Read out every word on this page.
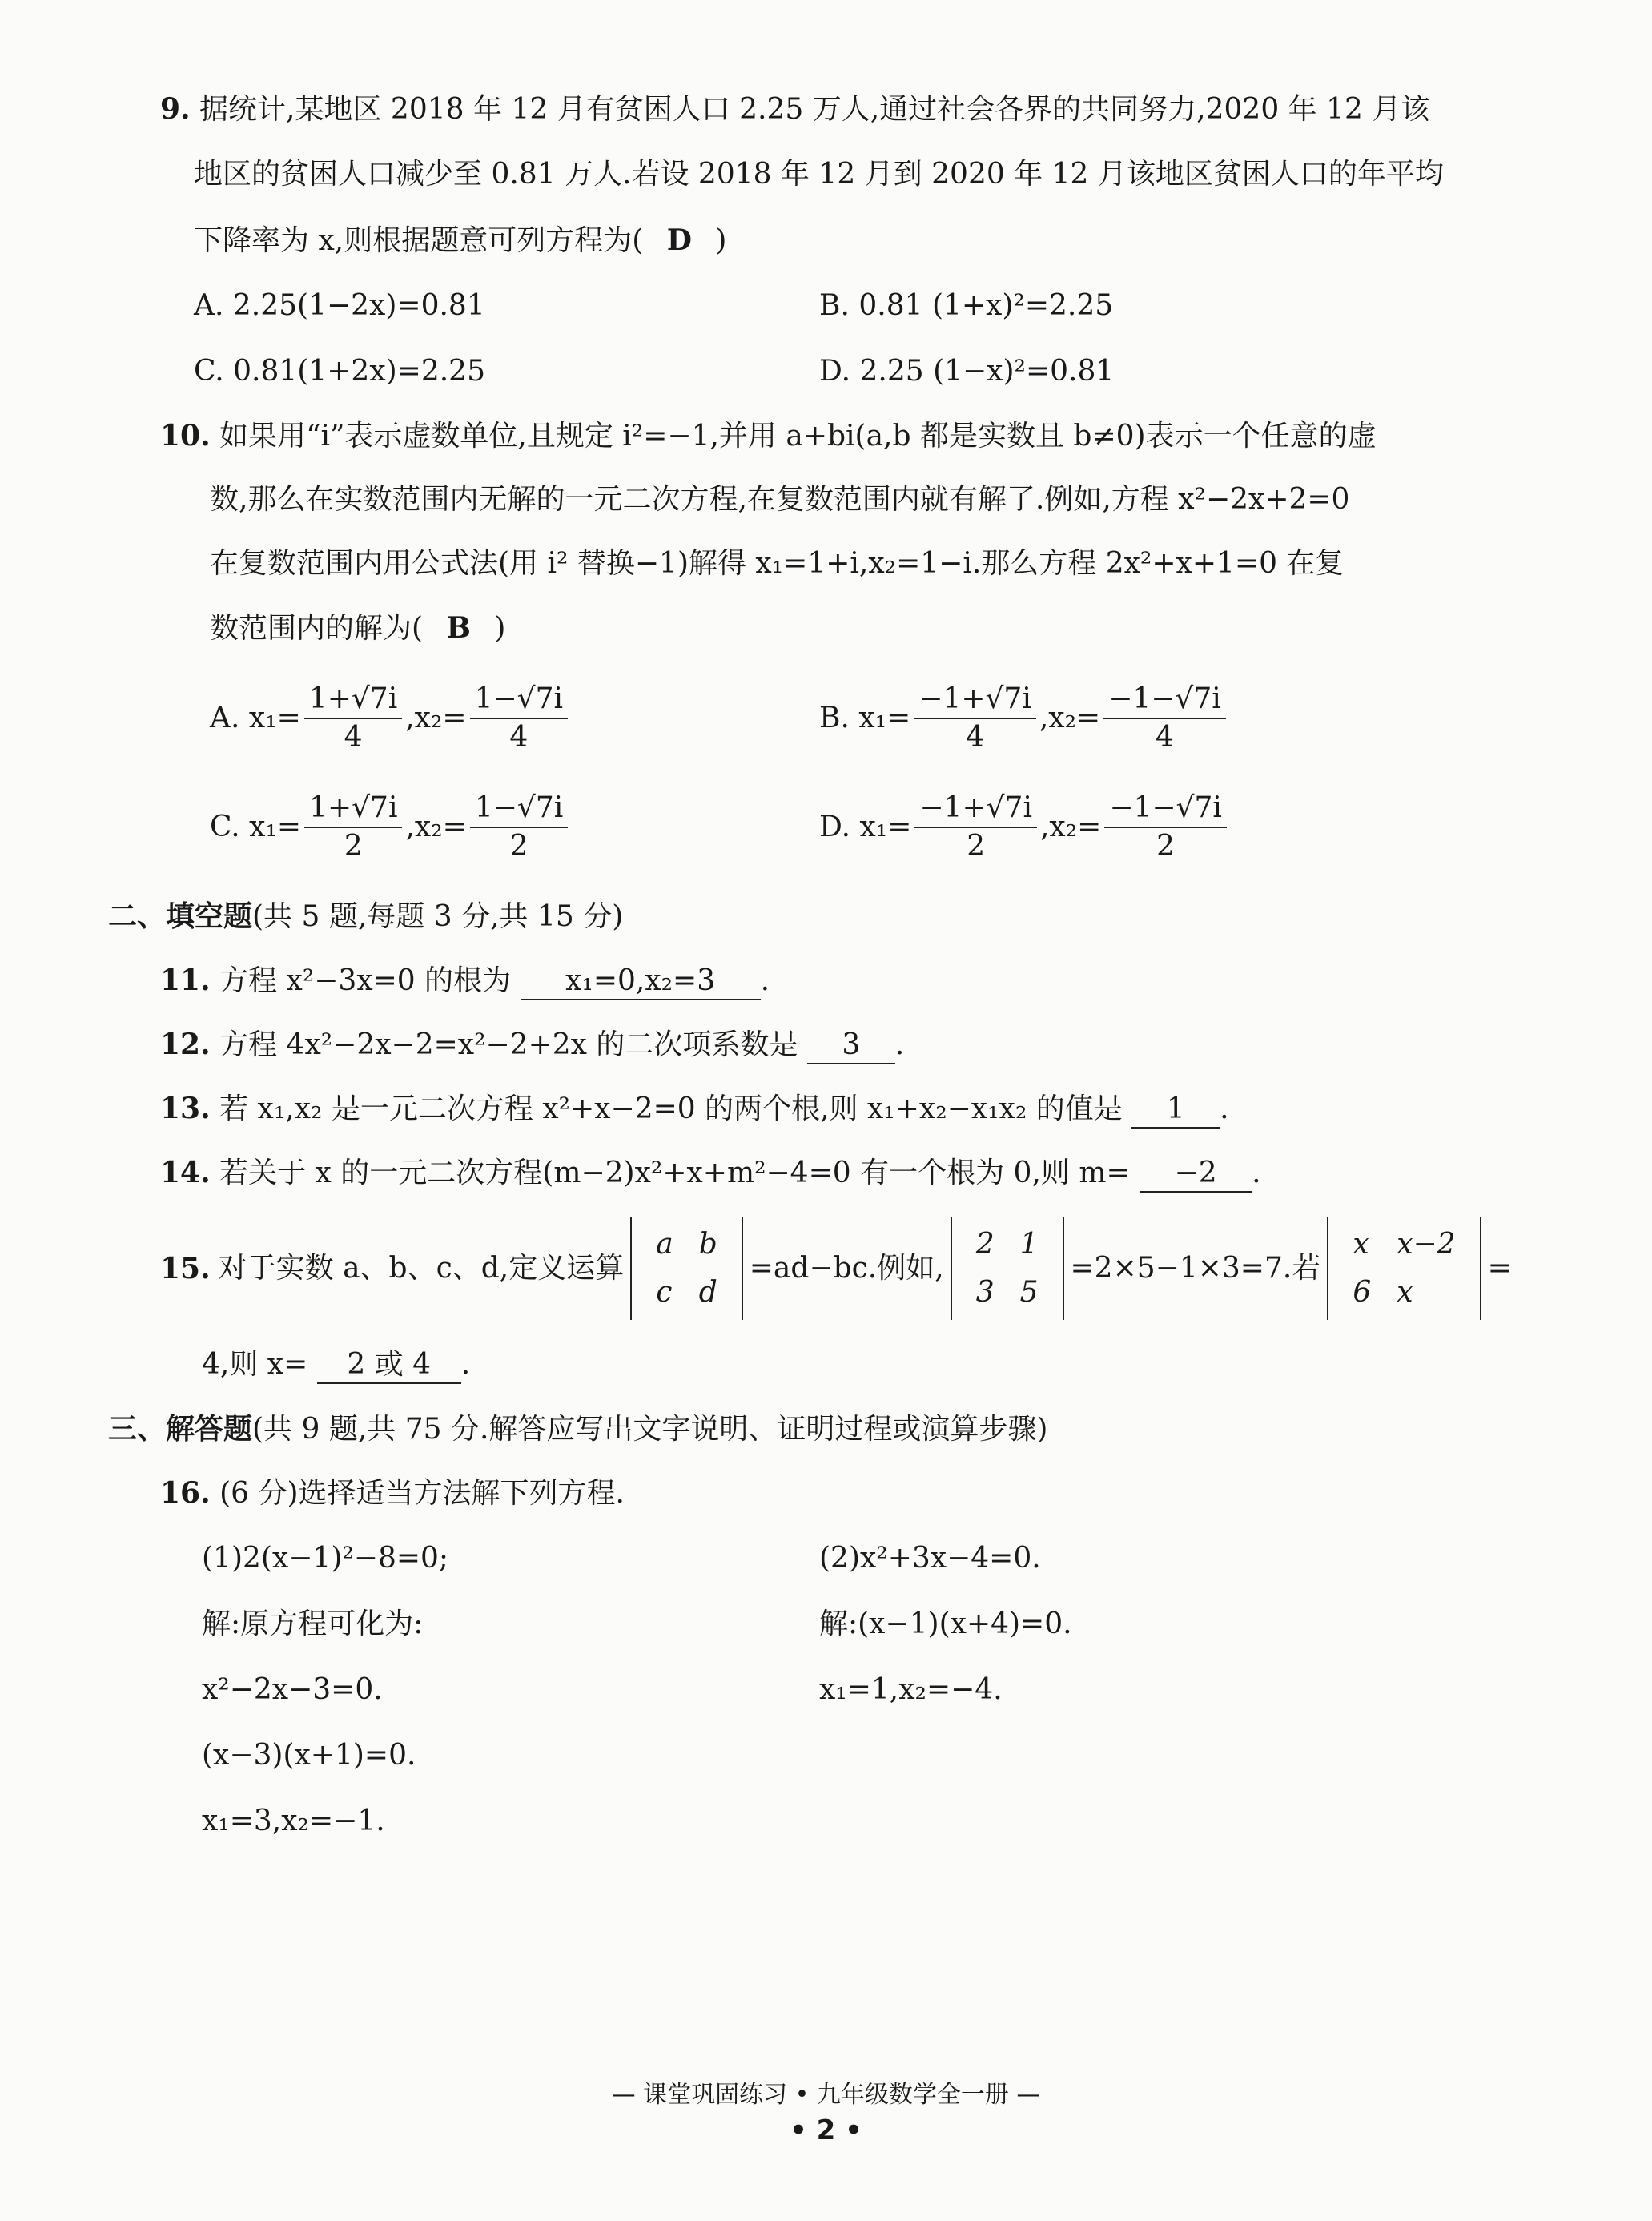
9. 据统计,某地区 2018 年 12 月有贫困人口 2.25 万人,通过社会各界的共同努力,2020 年 12 月该
地区的贫困人口减少至 0.81 万人.若设 2018 年 12 月到 2020 年 12 月该地区贫困人口的年平均
下降率为 x,则根据题意可列方程为( D )
A. 2.25(1−2x)=0.81	B. 0.81 (1+x)²=2.25
C. 0.81(1+2x)=2.25	D. 2.25 (1−x)²=0.81
10. 如果用“i”表示虚数单位,且规定 i²=−1,并用 a+bi(a,b 都是实数且 b≠0)表示一个任意的虚
数,那么在实数范围内无解的一元二次方程,在复数范围内就有解了.例如,方程 x²−2x+2=0
在复数范围内用公式法(用 i² 替换−1)解得 x₁=1+i,x₂=1−i.那么方程 2x²+x+1=0 在复
数范围内的解为( B )
A. $x_1= \frac{1+√7i}{4} ,x_2= \frac{1-√7i}{4}$	B. $x_1= \frac{-1+√7i}{4} ,x_2= \frac{-1-√7i}{4}$
C. $x_1= \frac{1+√7i}{2} ,x_2= \frac{1-√7i}{2}$	D. $x_1= \frac{-1+√7i}{2} ,x_2= \frac{-1-√7i}{2}$
二、填空题(共 5 题,每题 3 分,共 15 分)
11. 方程 x²−3x=0 的根为 x₁=0,x₂=3 .
12. 方程 4x²−2x−2=x²−2+2x 的二次项系数是 3 .
13. 若 x₁,x₂ 是一元二次方程 x²+x−2=0 的两个根,则 x₁+x₂−x₁x₂ 的值是 1 .
14. 若关于 x 的一元二次方程(m−2)x²+x+m²−4=0 有一个根为 0,则 m= −2 .
15. 对于实数 a、b、c、d,定义运算
a	b
c	d
=ad−bc.例如,
2	1
3	5
=2×5−1×3=7.若
x	x−2
6	x
=
4,则 x= 2 或 4 .
三、解答题(共 9 题,共 75 分.解答应写出文字说明、证明过程或演算步骤)
16. (6 分)选择适当方法解下列方程.
(1)2(x−1)²−8=0;
解:原方程可化为:
x²−2x−3=0.
(x−3)(x+1)=0.
x₁=3,x₂=−1.
(2)x²+3x−4=0.
解:(x−1)(x+4)=0.
x₁=1,x₂=−4.
— 课堂巩固练习 • 九年级数学全一册 —
• 2 •
